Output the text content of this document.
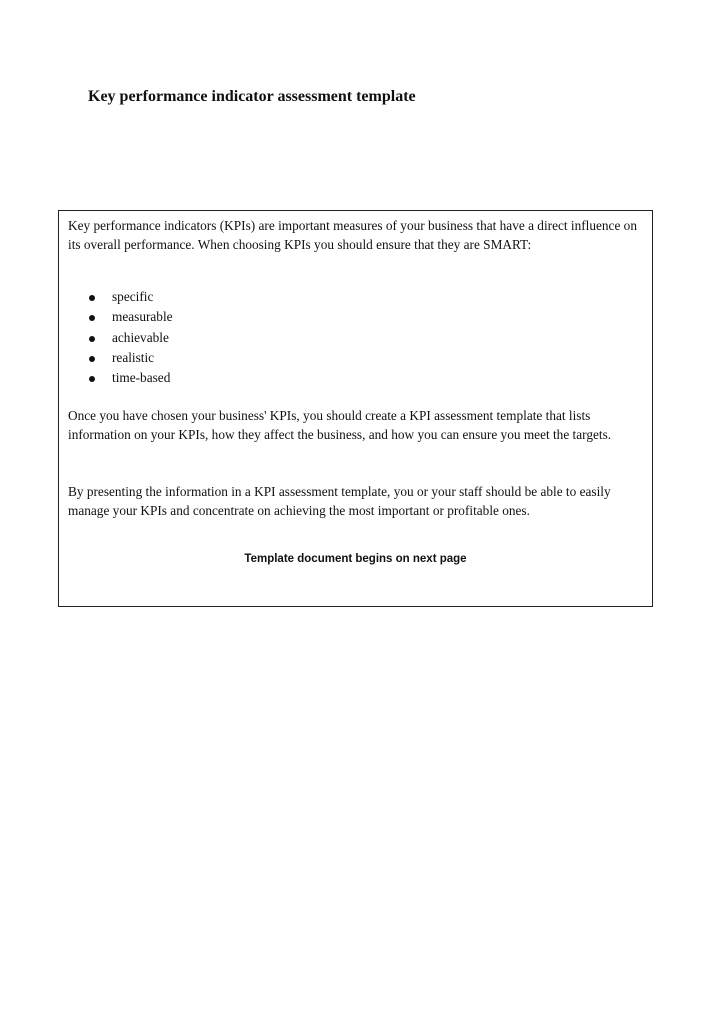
Key performance indicator assessment template

Key performance indicators (KPIs) are important measures of your business that have a direct influence on its overall performance. When choosing KPIs you should ensure that they are SMART:

specific
measurable
achievable
realistic
time-based

Once you have chosen your business' KPIs, you should create a KPI assessment template that lists information on your KPIs, how they affect the business, and how you can ensure you meet the targets.

By presenting the information in a KPI assessment template, you or your staff should be able to easily manage your KPIs and concentrate on achieving the most important or profitable ones.

Template document begins on next page
